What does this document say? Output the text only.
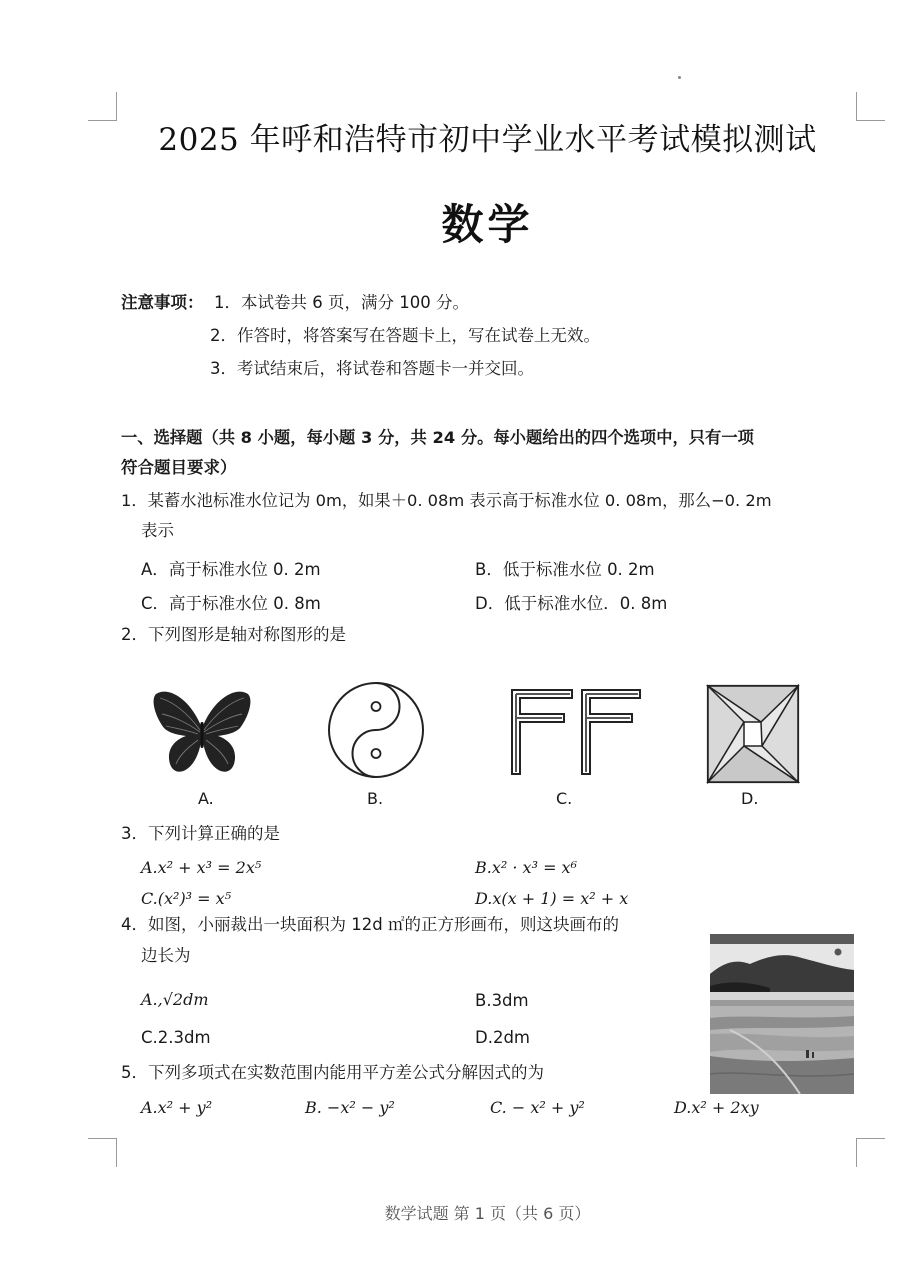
2025 年呼和浩特市初中学业水平考试模拟测试
数学
注意事项： 1．本试卷共 6 页，满分 100 分。
2．作答时，将答案写在答题卡上，写在试卷上无效。
3．考试结束后，将试卷和答题卡一并交回。
一、选择题（共 8 小题，每小题 3 分，共 24 分。每小题给出的四个选项中，只有一项
符合题目要求）
1．某蓄水池标准水位记为 0m，如果＋0. 08m 表示高于标准水位 0. 08m，那么−0. 2m
表示
A．高于标准水位 0. 2m	B．低于标准水位 0. 2m
C．高于标准水位 0. 8m	D．低于标准水位．0. 8m
2．下列图形是轴对称图形的是
A.	B.	C.	D.
3．下列计算正确的是
A.x² + x³ = 2x⁵	B.x² · x³ = x⁶
C.(x²)³ = x⁵	D.x(x + 1) = x² + x
4．如图，小丽裁出一块面积为 12d ㎡的正方形画布，则这块画布的
边长为
A.,√2dm	B.3dm
C.2.3dm	D.2dm
5．下列多项式在实数范围内能用平方差公式分解因式的为
A.x² + y²	B. −x² − y²	C. − x² + y²	D.x² + 2xy
数学试题 第 1 页（共 6 页）
